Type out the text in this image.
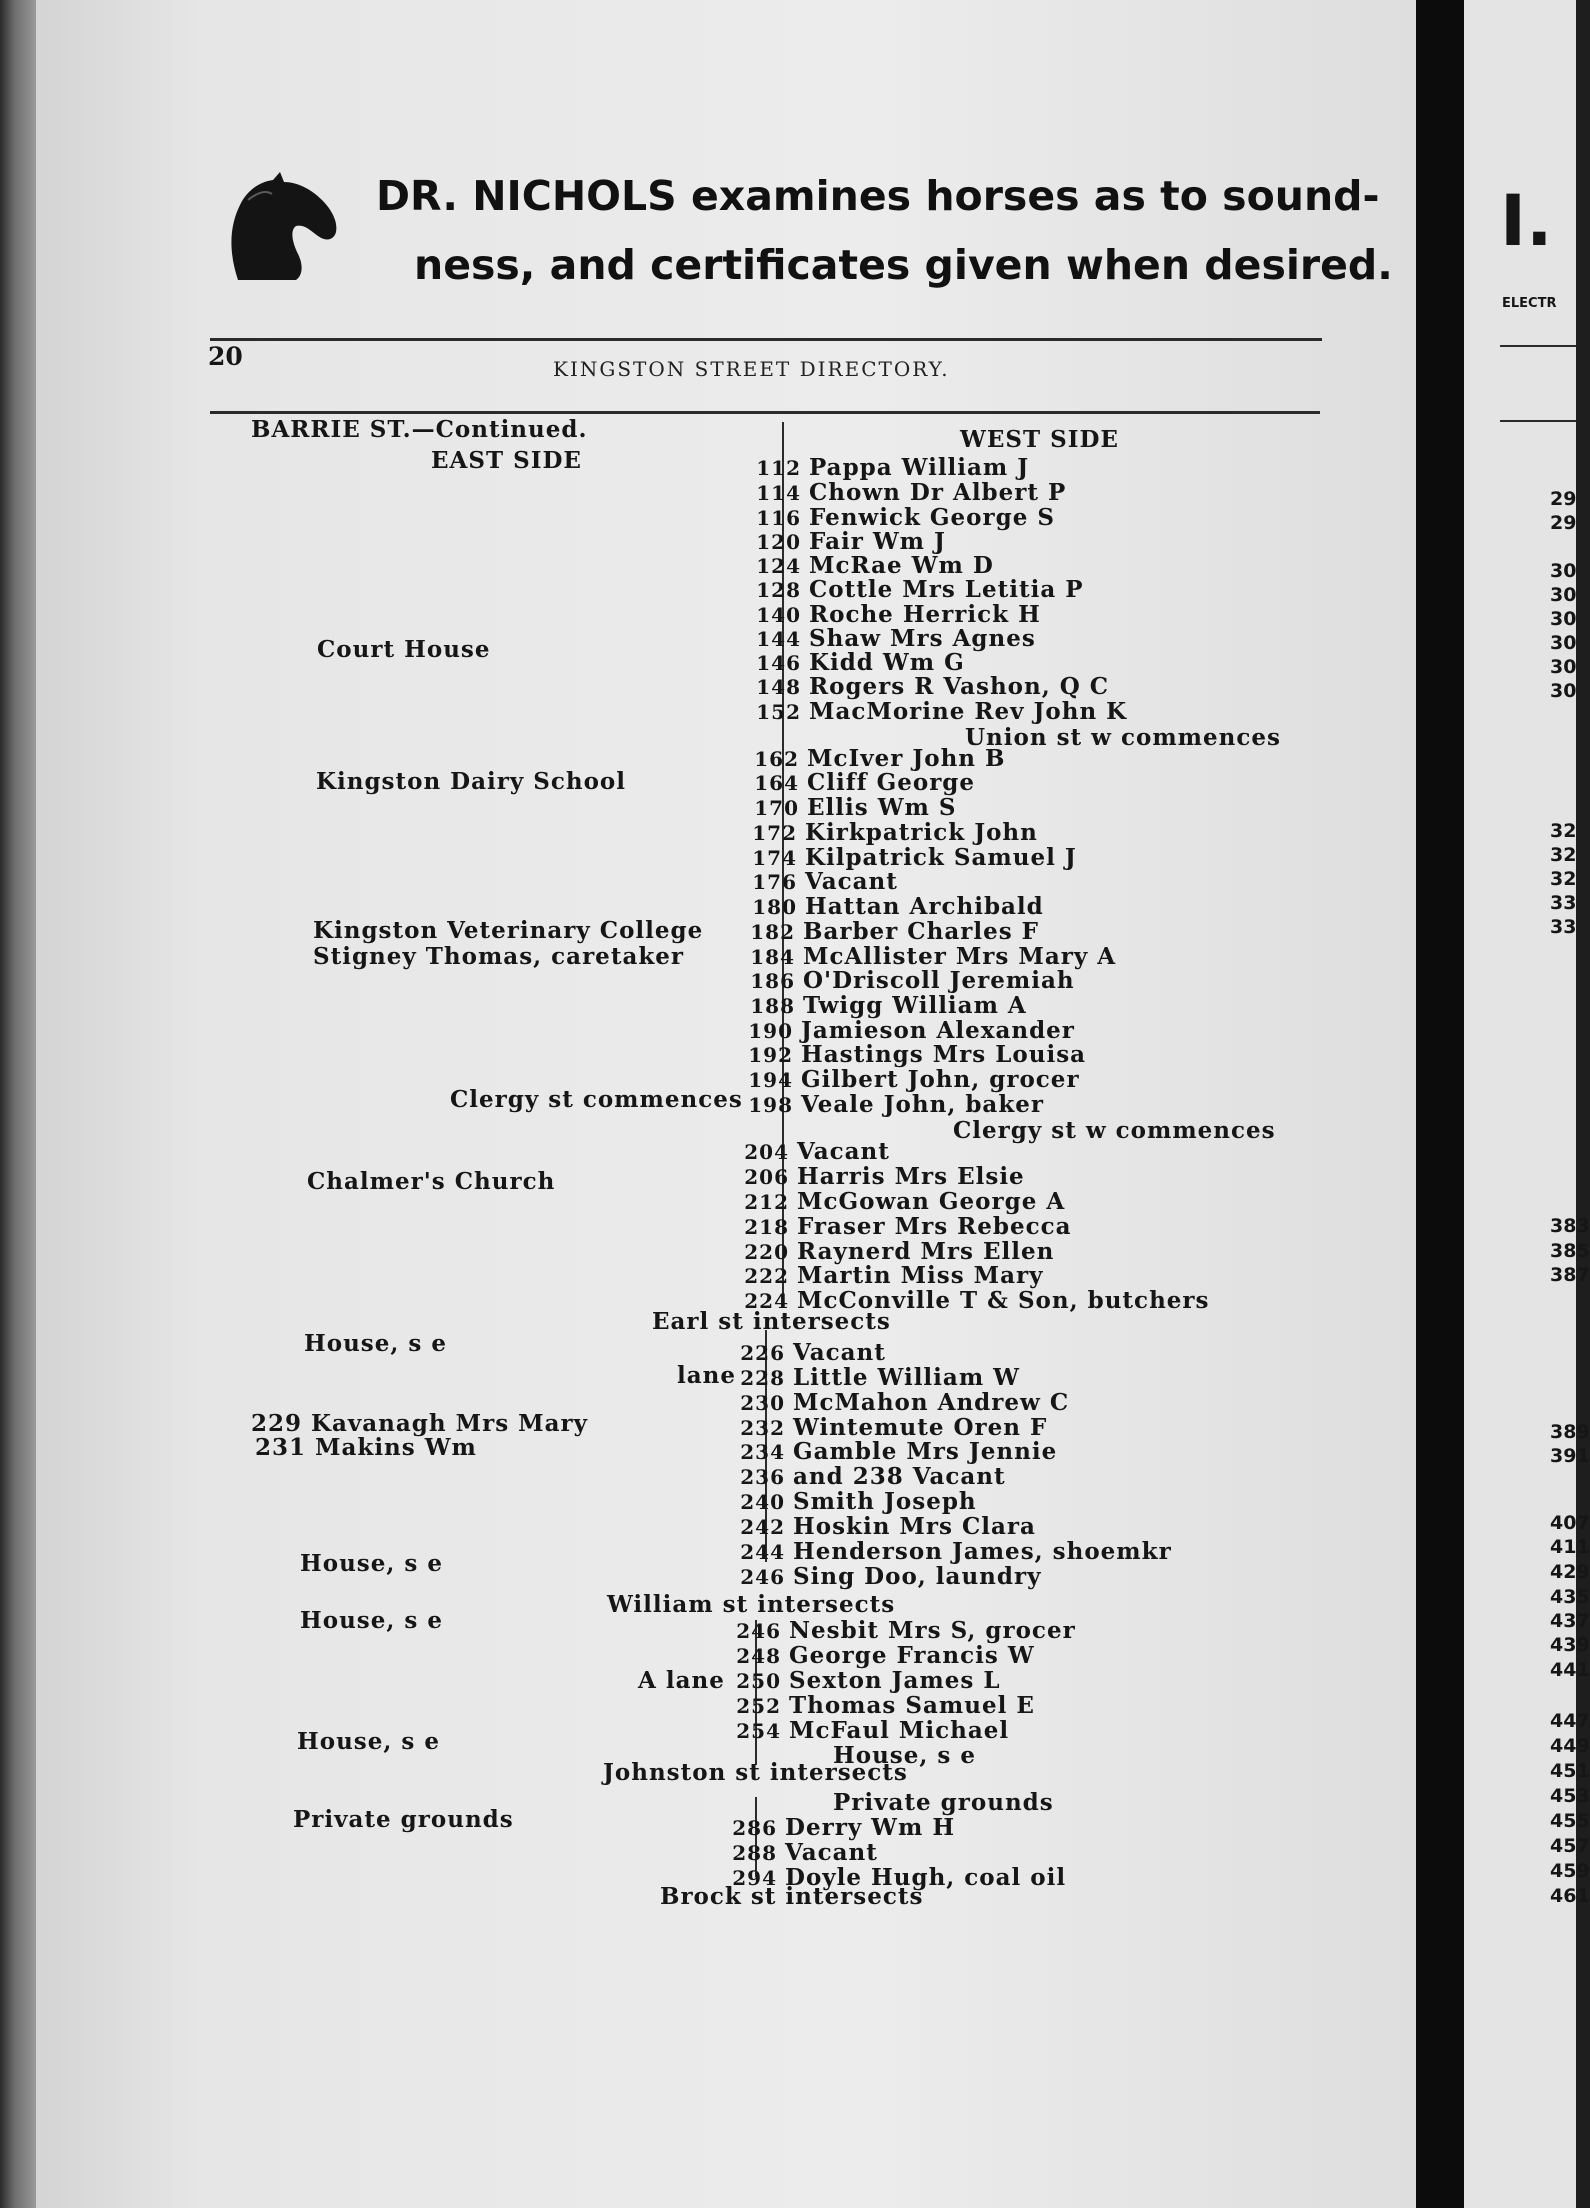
DR. NICHOLS examines horses as to sound-
ness, and certificates given when desired.
20	KINGSTON STREET DIRECTORY.
BARRIE ST.—Continued.
EAST SIDE
WEST SIDE
Court House
Kingston Dairy School
Kingston Veterinary College
Stigney Thomas, caretaker
Clergy st commences
Chalmer's Church
House, s e
lane
229 Kavanagh Mrs Mary
231 Makins Wm
House, s e
House, s e
A lane
House, s e
Private grounds
Earl st intersects
William st intersects
Johnston st intersects
Brock st intersects
112 Pappa William J
114 Chown Dr Albert P
116 Fenwick George S
120 Fair Wm J
124 McRae Wm D
128 Cottle Mrs Letitia P
140 Roche Herrick H
144 Shaw Mrs Agnes
146 Kidd Wm G
148 Rogers R Vashon, Q C
152 MacMorine Rev John K
Union st w commences
162 McIver John B
164 Cliff George
170 Ellis Wm S
172 Kirkpatrick John
174 Kilpatrick Samuel J
176 Vacant
180 Hattan Archibald
182 Barber Charles F
184 McAllister Mrs Mary A
186 O'Driscoll Jeremiah
188 Twigg William A
190 Jamieson Alexander
192 Hastings Mrs Louisa
194 Gilbert John, grocer
198 Veale John, baker
Clergy st w commences
204 Vacant
206 Harris Mrs Elsie
212 McGowan George A
218 Fraser Mrs Rebecca
220 Raynerd Mrs Ellen
222 Martin Miss Mary
224 McConville T & Son, butchers
226 Vacant
228 Little William W
230 McMahon Andrew C
232 Wintemute Oren F
234 Gamble Mrs Jennie
236 and 238 Vacant
240 Smith Joseph
242 Hoskin Mrs Clara
244 Henderson James, shoemkr
246 Sing Doo, laundry
246 Nesbit Mrs S, grocer
248 George Francis W
250 Sexton James L
252 Thomas Samuel E
254 McFaul Michael
House, s e
Private grounds
286 Derry Wm H
288 Vacant
294 Doyle Hugh, coal oil
I.
ELECTR
29
29
30
30
30
30
30
30
32
32
32
33
33
383
385
387
389
391
407
411
429
435
437
439
441
447
449
451
453
455
457
459
461
